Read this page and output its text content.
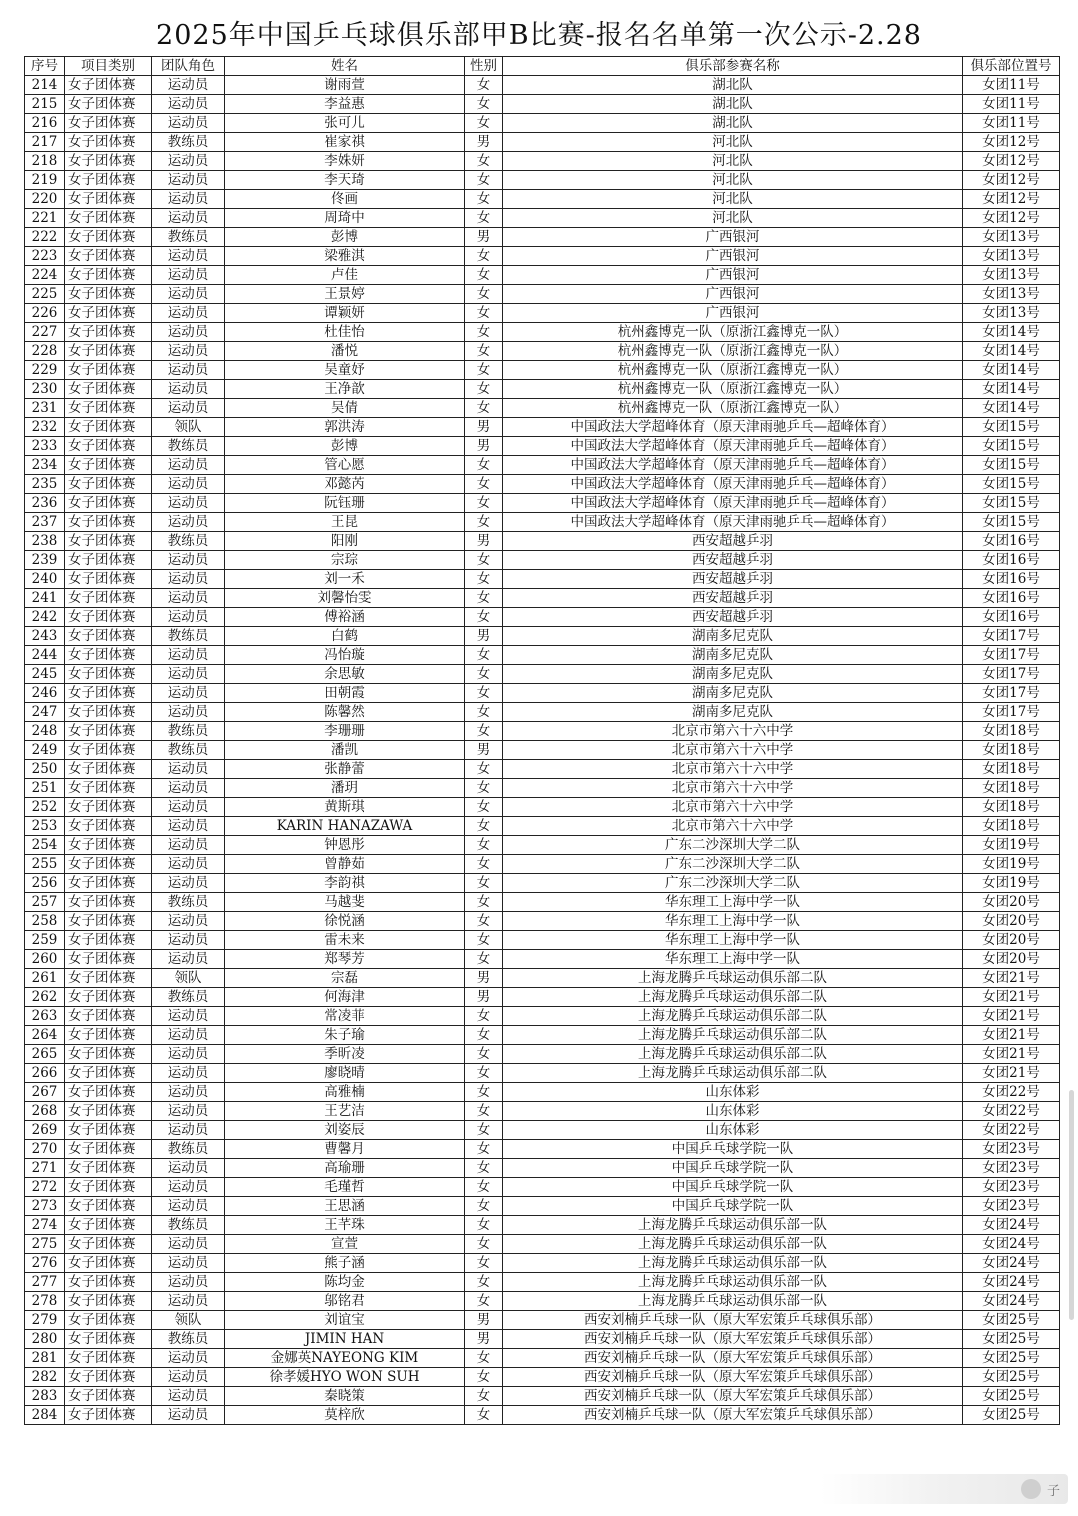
2025年中国乒乓球俱乐部甲B比赛-报名名单第一次公示-2.28
序号	项目类别	团队角色	姓名	性别	俱乐部参赛名称	俱乐部位置号
214	女子团体赛	运动员	谢雨萱	女	湖北队	女团11号
215	女子团体赛	运动员	李益惠	女	湖北队	女团11号
216	女子团体赛	运动员	张可儿	女	湖北队	女团11号
217	女子团体赛	教练员	崔家祺	男	河北队	女团12号
218	女子团体赛	运动员	李姝妍	女	河北队	女团12号
219	女子团体赛	运动员	李天琦	女	河北队	女团12号
220	女子团体赛	运动员	佟画	女	河北队	女团12号
221	女子团体赛	运动员	周琦中	女	河北队	女团12号
222	女子团体赛	教练员	彭博	男	广西银河	女团13号
223	女子团体赛	运动员	梁雅淇	女	广西银河	女团13号
224	女子团体赛	运动员	卢佳	女	广西银河	女团13号
225	女子团体赛	运动员	王景婷	女	广西银河	女团13号
226	女子团体赛	运动员	谭颖妍	女	广西银河	女团13号
227	女子团体赛	运动员	杜佳怡	女	杭州鑫博克一队（原浙江鑫博克一队）	女团14号
228	女子团体赛	运动员	潘悦	女	杭州鑫博克一队（原浙江鑫博克一队）	女团14号
229	女子团体赛	运动员	吴童妤	女	杭州鑫博克一队（原浙江鑫博克一队）	女团14号
230	女子团体赛	运动员	王净歆	女	杭州鑫博克一队（原浙江鑫博克一队）	女团14号
231	女子团体赛	运动员	吴倩	女	杭州鑫博克一队（原浙江鑫博克一队）	女团14号
232	女子团体赛	领队	郭洪涛	男	中国政法大学超峰体育（原天津雨驰乒乓—超峰体育）	女团15号
233	女子团体赛	教练员	彭博	男	中国政法大学超峰体育（原天津雨驰乒乓—超峰体育）	女团15号
234	女子团体赛	运动员	管心愿	女	中国政法大学超峰体育（原天津雨驰乒乓—超峰体育）	女团15号
235	女子团体赛	运动员	邓懿芮	女	中国政法大学超峰体育（原天津雨驰乒乓—超峰体育）	女团15号
236	女子团体赛	运动员	阮钰珊	女	中国政法大学超峰体育（原天津雨驰乒乓—超峰体育）	女团15号
237	女子团体赛	运动员	王昆	女	中国政法大学超峰体育（原天津雨驰乒乓—超峰体育）	女团15号
238	女子团体赛	教练员	阳刚	男	西安超越乒羽	女团16号
239	女子团体赛	运动员	宗琮	女	西安超越乒羽	女团16号
240	女子团体赛	运动员	刘一禾	女	西安超越乒羽	女团16号
241	女子团体赛	运动员	刘馨怡雯	女	西安超越乒羽	女团16号
242	女子团体赛	运动员	傅裕涵	女	西安超越乒羽	女团16号
243	女子团体赛	教练员	白鹤	男	湖南多尼克队	女团17号
244	女子团体赛	运动员	冯怡璇	女	湖南多尼克队	女团17号
245	女子团体赛	运动员	余思敏	女	湖南多尼克队	女团17号
246	女子团体赛	运动员	田朝霞	女	湖南多尼克队	女团17号
247	女子团体赛	运动员	陈馨然	女	湖南多尼克队	女团17号
248	女子团体赛	教练员	李珊珊	女	北京市第六十六中学	女团18号
249	女子团体赛	教练员	潘凯	男	北京市第六十六中学	女团18号
250	女子团体赛	运动员	张静蕾	女	北京市第六十六中学	女团18号
251	女子团体赛	运动员	潘玥	女	北京市第六十六中学	女团18号
252	女子团体赛	运动员	黄斯琪	女	北京市第六十六中学	女团18号
253	女子团体赛	运动员	KARIN HANAZAWA	女	北京市第六十六中学	女团18号
254	女子团体赛	运动员	钟恩彤	女	广东二沙深圳大学二队	女团19号
255	女子团体赛	运动员	曾静茹	女	广东二沙深圳大学二队	女团19号
256	女子团体赛	运动员	李韵祺	女	广东二沙深圳大学二队	女团19号
257	女子团体赛	教练员	马越斐	女	华东理工上海中学一队	女团20号
258	女子团体赛	运动员	徐悦涵	女	华东理工上海中学一队	女团20号
259	女子团体赛	运动员	雷未来	女	华东理工上海中学一队	女团20号
260	女子团体赛	运动员	郑琴芳	女	华东理工上海中学一队	女团20号
261	女子团体赛	领队	宗磊	男	上海龙腾乒乓球运动俱乐部二队	女团21号
262	女子团体赛	教练员	何海津	男	上海龙腾乒乓球运动俱乐部二队	女团21号
263	女子团体赛	运动员	常凌菲	女	上海龙腾乒乓球运动俱乐部二队	女团21号
264	女子团体赛	运动员	朱子瑜	女	上海龙腾乒乓球运动俱乐部二队	女团21号
265	女子团体赛	运动员	季昕凌	女	上海龙腾乒乓球运动俱乐部二队	女团21号
266	女子团体赛	运动员	廖晓晴	女	上海龙腾乒乓球运动俱乐部二队	女团21号
267	女子团体赛	运动员	高雅楠	女	山东体彩	女团22号
268	女子团体赛	运动员	王艺洁	女	山东体彩	女团22号
269	女子团体赛	运动员	刘姿辰	女	山东体彩	女团22号
270	女子团体赛	教练员	曹馨月	女	中国乒乓球学院一队	女团23号
271	女子团体赛	运动员	高瑜珊	女	中国乒乓球学院一队	女团23号
272	女子团体赛	运动员	毛瑾哲	女	中国乒乓球学院一队	女团23号
273	女子团体赛	运动员	王思涵	女	中国乒乓球学院一队	女团23号
274	女子团体赛	教练员	王芊珠	女	上海龙腾乒乓球运动俱乐部一队	女团24号
275	女子团体赛	运动员	宣萱	女	上海龙腾乒乓球运动俱乐部一队	女团24号
276	女子团体赛	运动员	熊子涵	女	上海龙腾乒乓球运动俱乐部一队	女团24号
277	女子团体赛	运动员	陈均金	女	上海龙腾乒乓球运动俱乐部一队	女团24号
278	女子团体赛	运动员	邬铭君	女	上海龙腾乒乓球运动俱乐部一队	女团24号
279	女子团体赛	领队	刘谊宝	男	西安刘楠乒乓球一队（原大军宏策乒乓球俱乐部）	女团25号
280	女子团体赛	教练员	JIMIN HAN	男	西安刘楠乒乓球一队（原大军宏策乒乓球俱乐部）	女团25号
281	女子团体赛	运动员	金娜英NAYEONG KIM	女	西安刘楠乒乓球一队（原大军宏策乒乓球俱乐部）	女团25号
282	女子团体赛	运动员	徐孝媛HYO WON SUH	女	西安刘楠乒乓球一队（原大军宏策乒乓球俱乐部）	女团25号
283	女子团体赛	运动员	秦晓策	女	西安刘楠乒乓球一队（原大军宏策乒乓球俱乐部）	女团25号
284	女子团体赛	运动员	莫梓欣	女	西安刘楠乒乓球一队（原大军宏策乒乓球俱乐部）	女团25号
子
